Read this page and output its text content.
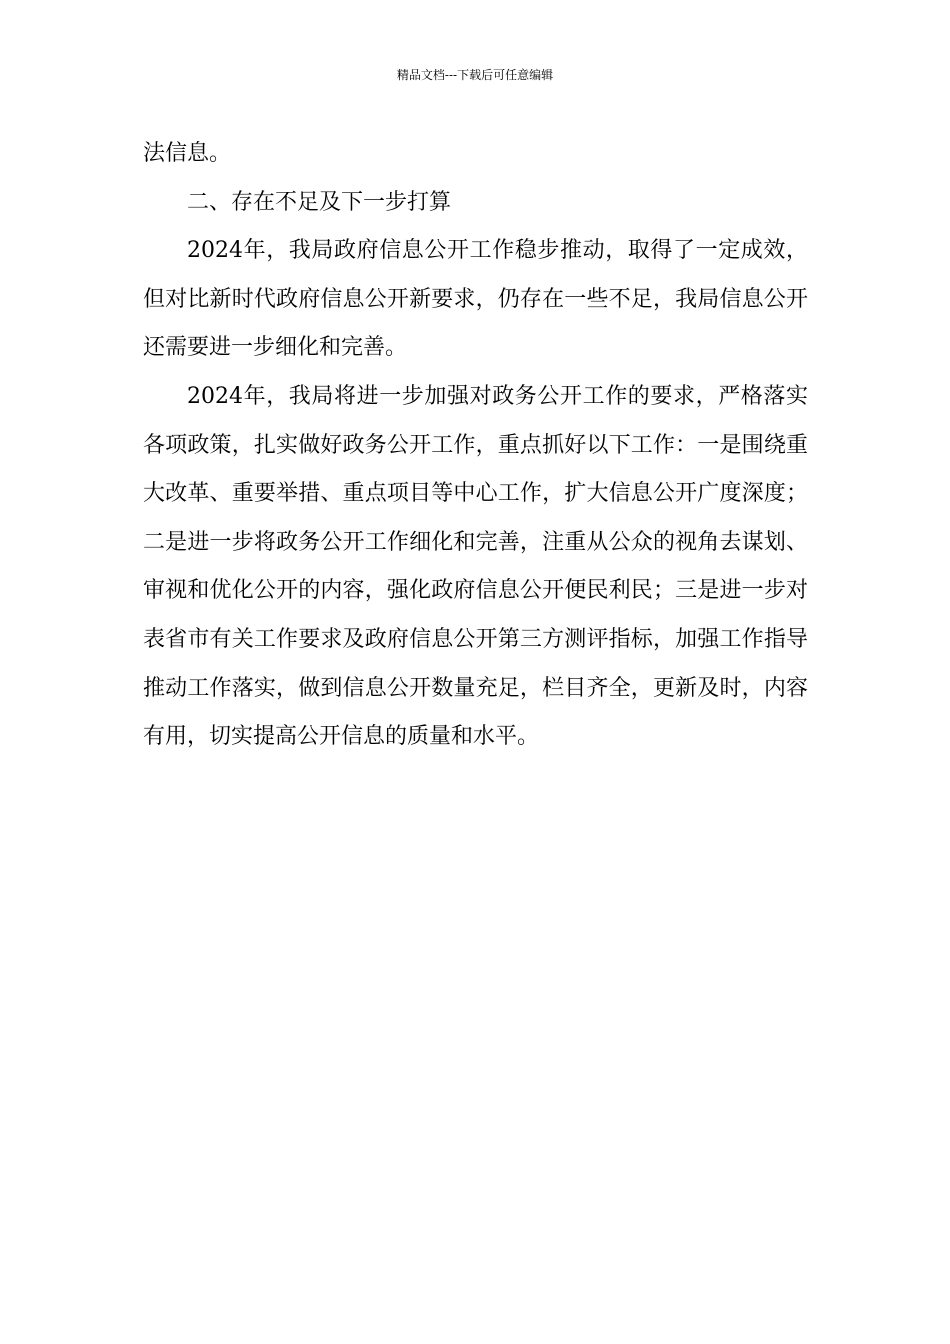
精品文档---下载后可任意编辑

法信息。

二、存在不足及下一步打算

2024年，我局政府信息公开工作稳步推动，取得了一定成效，但对比新时代政府信息公开新要求，仍存在一些不足，我局信息公开还需要进一步细化和完善。

2024年，我局将进一步加强对政务公开工作的要求，严格落实各项政策，扎实做好政务公开工作，重点抓好以下工作：一是围绕重大改革、重要举措、重点项目等中心工作，扩大信息公开广度深度；二是进一步将政务公开工作细化和完善，注重从公众的视角去谋划、审视和优化公开的内容，强化政府信息公开便民利民；三是进一步对表省市有关工作要求及政府信息公开第三方测评指标，加强工作指导推动工作落实，做到信息公开数量充足，栏目齐全，更新及时，内容有用，切实提高公开信息的质量和水平。
